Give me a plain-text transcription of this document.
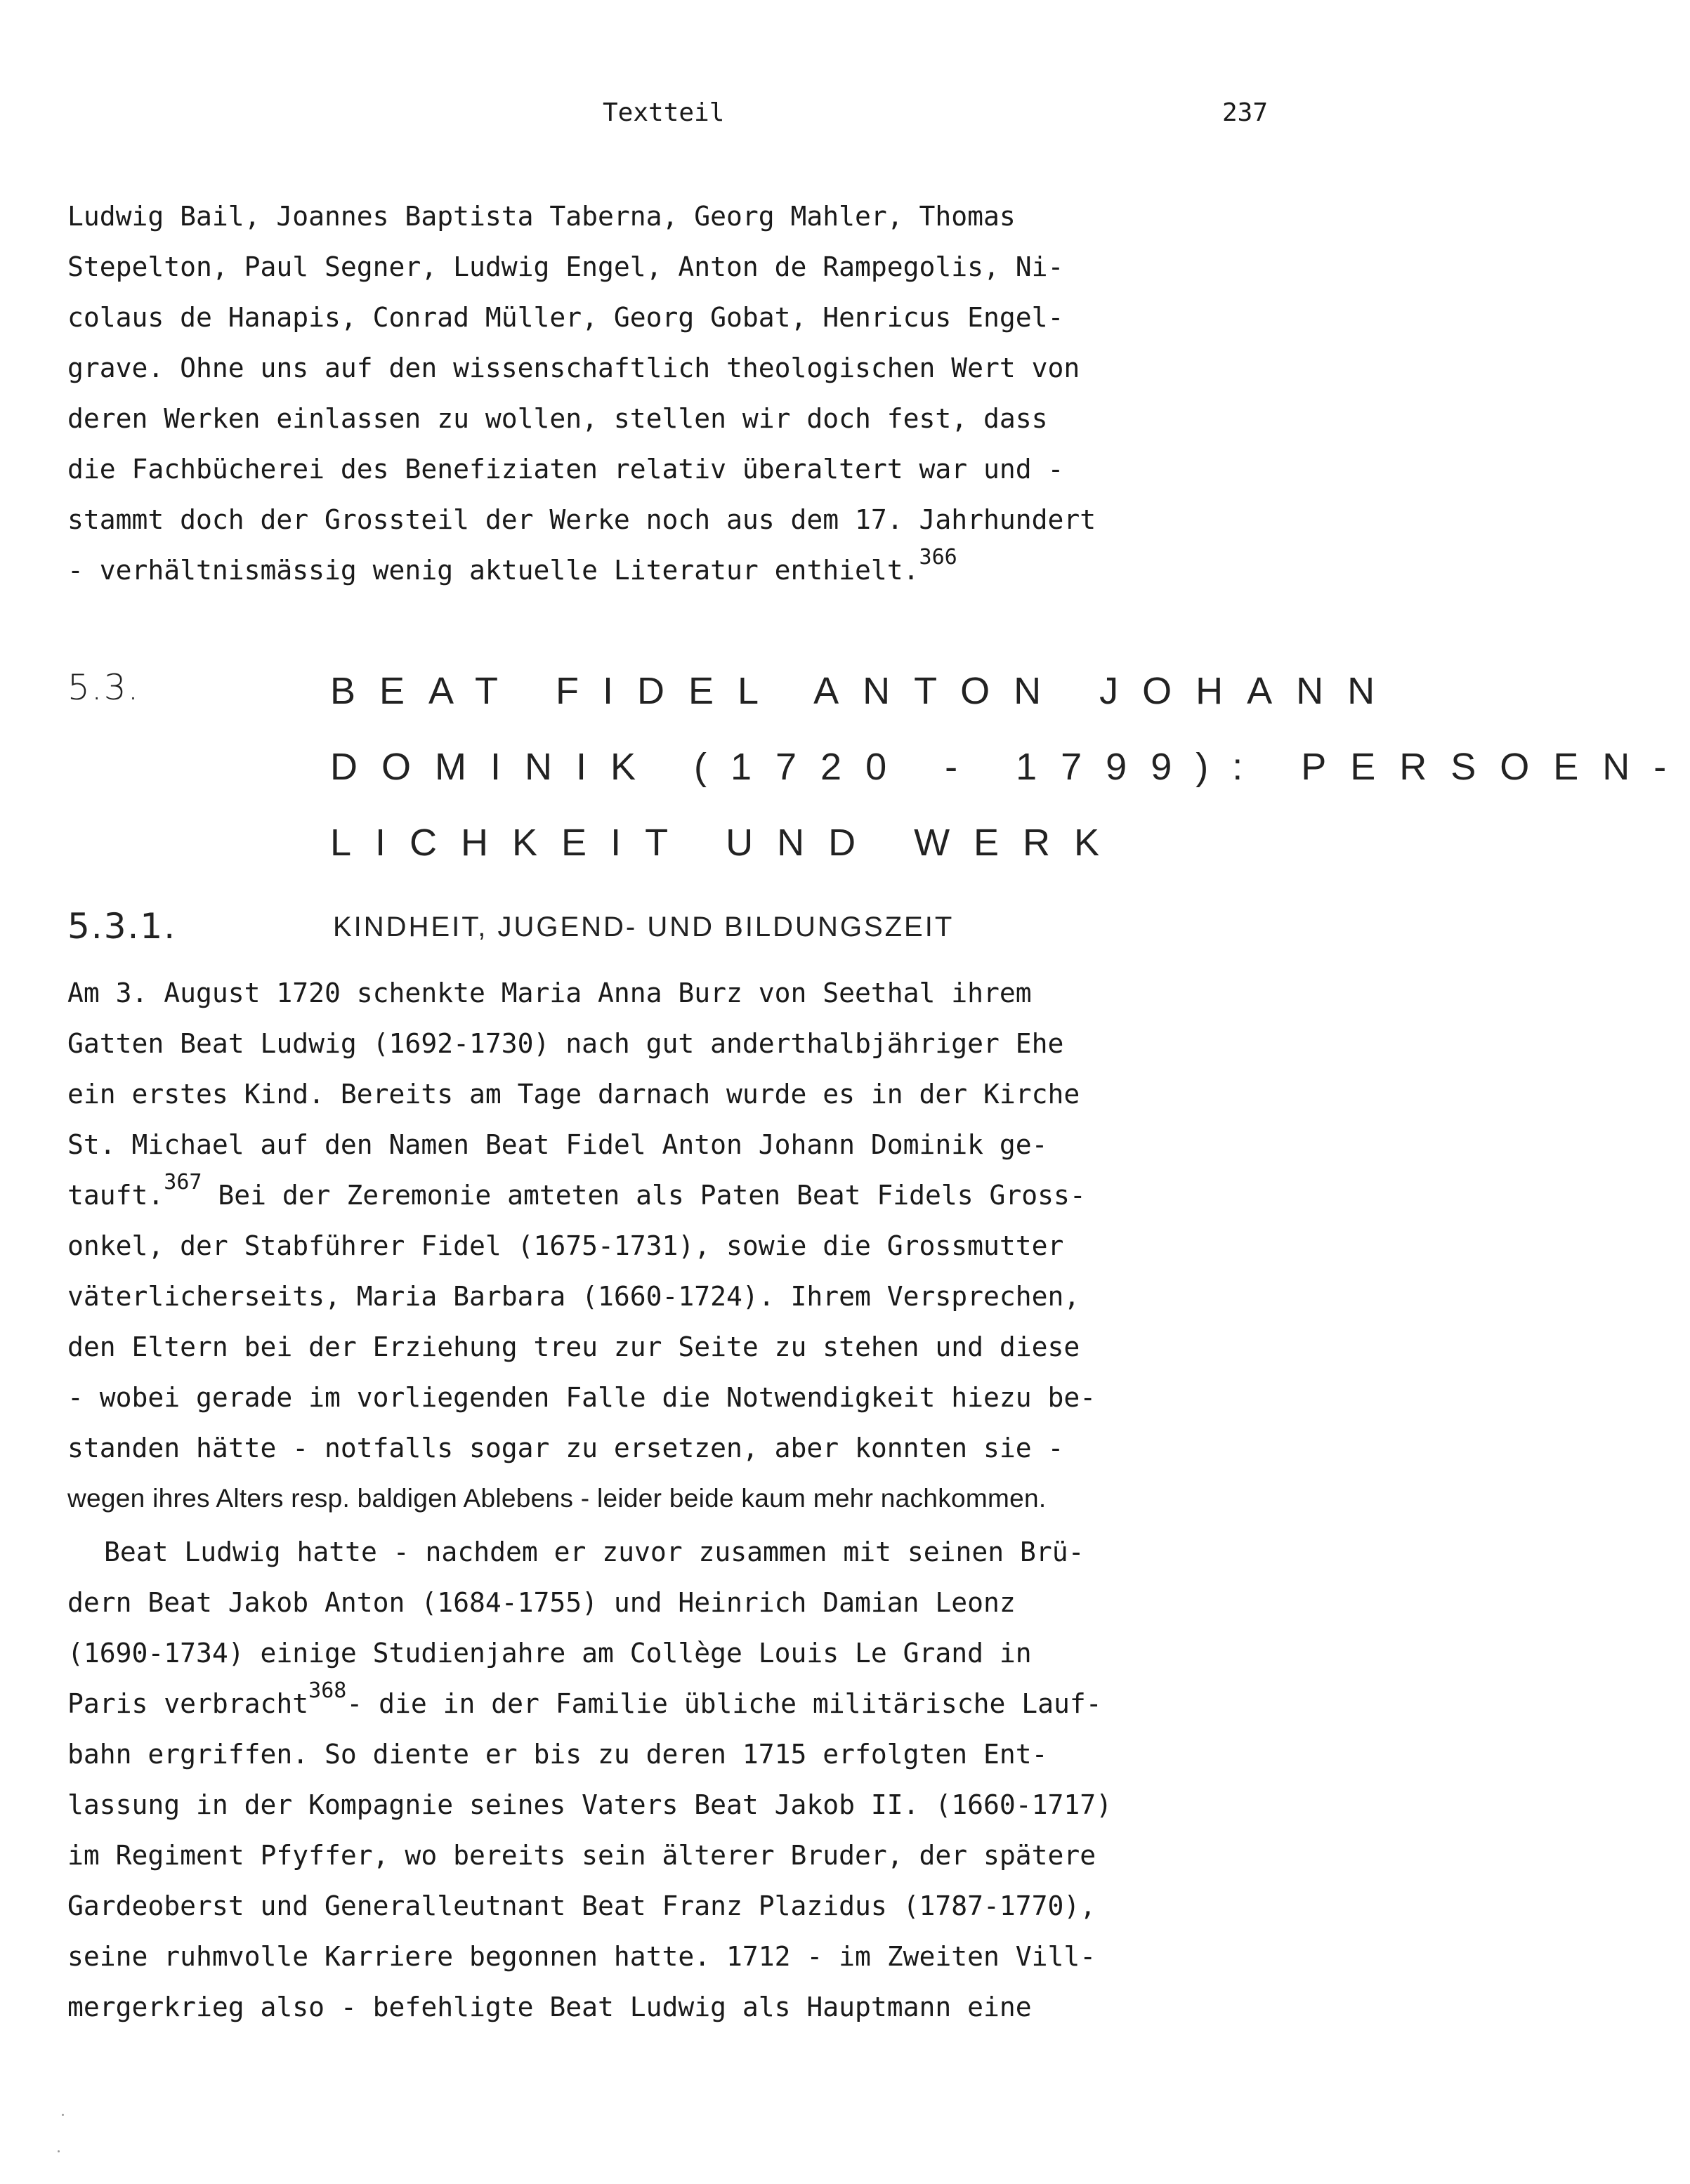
Textteil	237
Ludwig Bail, Joannes Baptista Taberna, Georg Mahler, Thomas
Stepelton, Paul Segner, Ludwig Engel, Anton de Rampegolis, Ni-
colaus de Hanapis, Conrad Müller, Georg Gobat, Henricus Engel-
grave. Ohne uns auf den wissenschaftlich theologischen Wert von
deren Werken einlassen zu wollen, stellen wir doch fest, dass
die Fachbücherei des Benefiziaten relativ überaltert war und -
stammt doch der Grossteil der Werke noch aus dem 17. Jahrhundert
- verhältnismässig wenig aktuelle Literatur enthielt.$^{366}$
5.3.	BEAT FIDEL ANTON JOHANN
DOMINIK (1720 - 1799): PERSOEN-
LICHKEIT UND WERK
5.3.1.	KINDHEIT, JUGEND- UND BILDUNGSZEIT
Am 3. August 1720 schenkte Maria Anna Burz von Seethal ihrem
Gatten Beat Ludwig (1692-1730) nach gut anderthalbjähriger Ehe
ein erstes Kind. Bereits am Tage darnach wurde es in der Kirche
St. Michael auf den Namen Beat Fidel Anton Johann Dominik ge-
tauft.$^{367}$ Bei der Zeremonie amteten als Paten Beat Fidels Gross-
onkel, der Stabführer Fidel (1675-1731), sowie die Grossmutter
väterlicherseits, Maria Barbara (1660-1724). Ihrem Versprechen,
den Eltern bei der Erziehung treu zur Seite zu stehen und diese
- wobei gerade im vorliegenden Falle die Notwendigkeit hiezu be-
standen hätte - notfalls sogar zu ersetzen, aber konnten sie -
wegen ihres Alters resp. baldigen Ablebens - leider beide kaum mehr nachkommen.
Beat Ludwig hatte - nachdem er zuvor zusammen mit seinen Brü-
dern Beat Jakob Anton (1684-1755) und Heinrich Damian Leonz
(1690-1734) einige Studienjahre am Collège Louis Le Grand in
Paris verbracht$^{368}$- die in der Familie übliche militärische Lauf-
bahn ergriffen. So diente er bis zu deren 1715 erfolgten Ent-
lassung in der Kompagnie seines Vaters Beat Jakob II. (1660-1717)
im Regiment Pfyffer, wo bereits sein älterer Bruder, der spätere
Gardeoberst und Generalleutnant Beat Franz Plazidus (1787-1770),
seine ruhmvolle Karriere begonnen hatte. 1712 - im Zweiten Vill-
mergerkrieg also - befehligte Beat Ludwig als Hauptmann eine
